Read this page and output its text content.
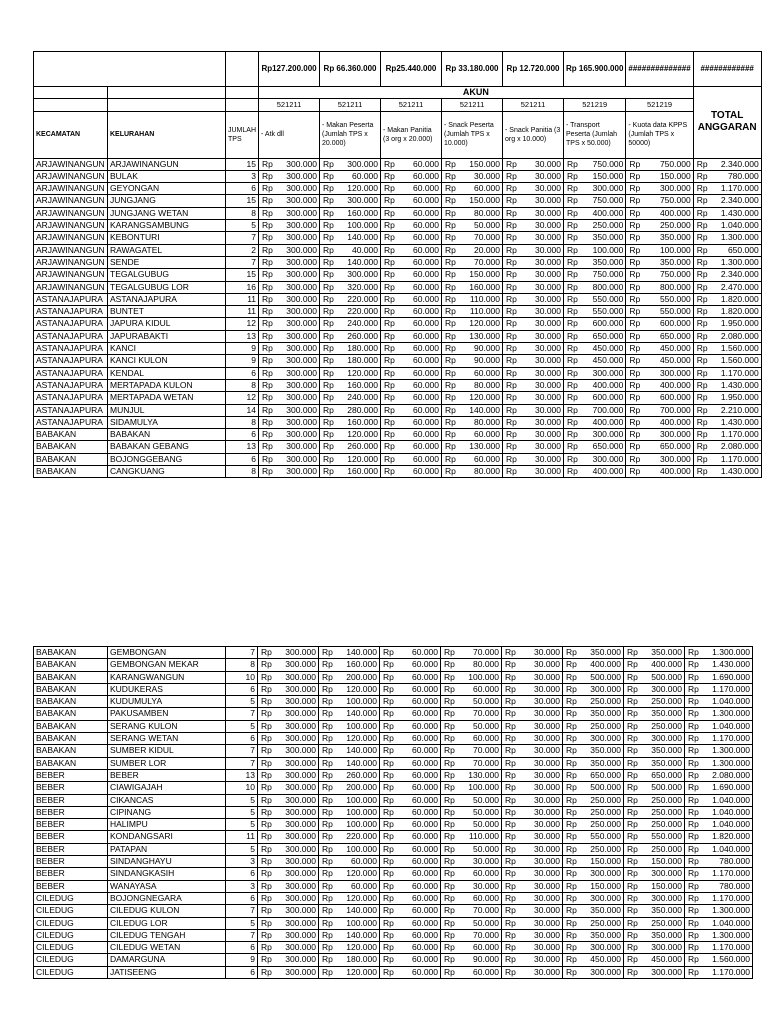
			Rp127.200.000	Rp 66.360.000	Rp25.440.000	Rp 33.180.000	Rp 12.720.000	Rp 165.900.000	##############	############
			AKUN							TOTAL ANGGARAN
			521211	521211	521211	521211	521211	521219	521219	
KECAMATAN	KELURAHAN	JUMLAH TPS	- Atk dll	- Makan Peserta (Jumlah TPS x 20.000)	- Makan Panitia (3 org x 20.000)	- Snack Peserta (Jumlah TPS x 10.000)	- Snack Panitia (3 org x 10.000)	- Transport Peserta (Jumlah TPS x 50.000)	- Kuota data KPPS (Jumlah TPS x 50000)	
ARJAWINANGUN	ARJAWINANGUN	15	Rp 300.000	Rp 300.000	Rp 60.000	Rp 150.000	Rp 30.000	Rp 750.000	Rp 750.000	Rp 2.340.000

ARJAWINANGUN	BULAK	3	Rp 300.000	Rp 60.000	Rp 60.000	Rp 30.000	Rp 30.000	Rp 150.000	Rp 150.000	Rp 780.000

ARJAWINANGUN	GEYONGAN	6	Rp 300.000	Rp 120.000	Rp 60.000	Rp 60.000	Rp 30.000	Rp 300.000	Rp 300.000	Rp 1.170.000

ARJAWINANGUN	JUNGJANG	15	Rp 300.000	Rp 300.000	Rp 60.000	Rp 150.000	Rp 30.000	Rp 750.000	Rp 750.000	Rp 2.340.000

ARJAWINANGUN	JUNGJANG WETAN	8	Rp 300.000	Rp 160.000	Rp 60.000	Rp 80.000	Rp 30.000	Rp 400.000	Rp 400.000	Rp 1.430.000

ARJAWINANGUN	KARANGSAMBUNG	5	Rp 300.000	Rp 100.000	Rp 60.000	Rp 50.000	Rp 30.000	Rp 250.000	Rp 250.000	Rp 1.040.000

ARJAWINANGUN	KEBONTURI	7	Rp 300.000	Rp 140.000	Rp 60.000	Rp 70.000	Rp 30.000	Rp 350.000	Rp 350.000	Rp 1.300.000

ARJAWINANGUN	RAWAGATEL	2	Rp 300.000	Rp 40.000	Rp 60.000	Rp 20.000	Rp 30.000	Rp 100.000	Rp 100.000	Rp 650.000

ARJAWINANGUN	SENDE	7	Rp 300.000	Rp 140.000	Rp 60.000	Rp 70.000	Rp 30.000	Rp 350.000	Rp 350.000	Rp 1.300.000

ARJAWINANGUN	TEGALGUBUG	15	Rp 300.000	Rp 300.000	Rp 60.000	Rp 150.000	Rp 30.000	Rp 750.000	Rp 750.000	Rp 2.340.000

ARJAWINANGUN	TEGALGUBUG LOR	16	Rp 300.000	Rp 320.000	Rp 60.000	Rp 160.000	Rp 30.000	Rp 800.000	Rp 800.000	Rp 2.470.000

ASTANAJAPURA	ASTANAJAPURA	11	Rp 300.000	Rp 220.000	Rp 60.000	Rp 110.000	Rp 30.000	Rp 550.000	Rp 550.000	Rp 1.820.000

ASTANAJAPURA	BUNTET	11	Rp 300.000	Rp 220.000	Rp 60.000	Rp 110.000	Rp 30.000	Rp 550.000	Rp 550.000	Rp 1.820.000

ASTANAJAPURA	JAPURA KIDUL	12	Rp 300.000	Rp 240.000	Rp 60.000	Rp 120.000	Rp 30.000	Rp 600.000	Rp 600.000	Rp 1.950.000

ASTANAJAPURA	JAPURABAKTI	13	Rp 300.000	Rp 260.000	Rp 60.000	Rp 130.000	Rp 30.000	Rp 650.000	Rp 650.000	Rp 2.080.000

ASTANAJAPURA	KANCI	9	Rp 300.000	Rp 180.000	Rp 60.000	Rp 90.000	Rp 30.000	Rp 450.000	Rp 450.000	Rp 1.560.000

ASTANAJAPURA	KANCI KULON	9	Rp 300.000	Rp 180.000	Rp 60.000	Rp 90.000	Rp 30.000	Rp 450.000	Rp 450.000	Rp 1.560.000

ASTANAJAPURA	KENDAL	6	Rp 300.000	Rp 120.000	Rp 60.000	Rp 60.000	Rp 30.000	Rp 300.000	Rp 300.000	Rp 1.170.000

ASTANAJAPURA	MERTAPADA KULON	8	Rp 300.000	Rp 160.000	Rp 60.000	Rp 80.000	Rp 30.000	Rp 400.000	Rp 400.000	Rp 1.430.000

ASTANAJAPURA	MERTAPADA WETAN	12	Rp 300.000	Rp 240.000	Rp 60.000	Rp 120.000	Rp 30.000	Rp 600.000	Rp 600.000	Rp 1.950.000

ASTANAJAPURA	MUNJUL	14	Rp 300.000	Rp 280.000	Rp 60.000	Rp 140.000	Rp 30.000	Rp 700.000	Rp 700.000	Rp 2.210.000

ASTANAJAPURA	SIDAMULYA	8	Rp 300.000	Rp 160.000	Rp 60.000	Rp 80.000	Rp 30.000	Rp 400.000	Rp 400.000	Rp 1.430.000

BABAKAN	BABAKAN	6	Rp 300.000	Rp 120.000	Rp 60.000	Rp 60.000	Rp 30.000	Rp 300.000	Rp 300.000	Rp 1.170.000

BABAKAN	BABAKAN GEBANG	13	Rp 300.000	Rp 260.000	Rp 60.000	Rp 130.000	Rp 30.000	Rp 650.000	Rp 650.000	Rp 2.080.000

BABAKAN	BOJONGGEBANG	6	Rp 300.000	Rp 120.000	Rp 60.000	Rp 60.000	Rp 30.000	Rp 300.000	Rp 300.000	Rp 1.170.000

BABAKAN	CANGKUANG	8	Rp 300.000	Rp 160.000	Rp 60.000	Rp 80.000	Rp 30.000	Rp 400.000	Rp 400.000	Rp 1.430.000
BABAKAN	GEMBONGAN	7	Rp 300.000	Rp 140.000	Rp 60.000	Rp 70.000	Rp 30.000	Rp 350.000	Rp 350.000	Rp 1.300.000

BABAKAN	GEMBONGAN MEKAR	8	Rp 300.000	Rp 160.000	Rp 60.000	Rp 80.000	Rp 30.000	Rp 400.000	Rp 400.000	Rp 1.430.000

BABAKAN	KARANGWANGUN	10	Rp 300.000	Rp 200.000	Rp 60.000	Rp 100.000	Rp 30.000	Rp 500.000	Rp 500.000	Rp 1.690.000

BABAKAN	KUDUKERAS	6	Rp 300.000	Rp 120.000	Rp 60.000	Rp 60.000	Rp 30.000	Rp 300.000	Rp 300.000	Rp 1.170.000

BABAKAN	KUDUMULYA	5	Rp 300.000	Rp 100.000	Rp 60.000	Rp 50.000	Rp 30.000	Rp 250.000	Rp 250.000	Rp 1.040.000

BABAKAN	PAKUSAMBEN	7	Rp 300.000	Rp 140.000	Rp 60.000	Rp 70.000	Rp 30.000	Rp 350.000	Rp 350.000	Rp 1.300.000

BABAKAN	SERANG KULON	5	Rp 300.000	Rp 100.000	Rp 60.000	Rp 50.000	Rp 30.000	Rp 250.000	Rp 250.000	Rp 1.040.000

BABAKAN	SERANG WETAN	6	Rp 300.000	Rp 120.000	Rp 60.000	Rp 60.000	Rp 30.000	Rp 300.000	Rp 300.000	Rp 1.170.000

BABAKAN	SUMBER KIDUL	7	Rp 300.000	Rp 140.000	Rp 60.000	Rp 70.000	Rp 30.000	Rp 350.000	Rp 350.000	Rp 1.300.000

BABAKAN	SUMBER LOR	7	Rp 300.000	Rp 140.000	Rp 60.000	Rp 70.000	Rp 30.000	Rp 350.000	Rp 350.000	Rp 1.300.000

BEBER	BEBER	13	Rp 300.000	Rp 260.000	Rp 60.000	Rp 130.000	Rp 30.000	Rp 650.000	Rp 650.000	Rp 2.080.000

BEBER	CIAWIGAJAH	10	Rp 300.000	Rp 200.000	Rp 60.000	Rp 100.000	Rp 30.000	Rp 500.000	Rp 500.000	Rp 1.690.000

BEBER	CIKANCAS	5	Rp 300.000	Rp 100.000	Rp 60.000	Rp 50.000	Rp 30.000	Rp 250.000	Rp 250.000	Rp 1.040.000

BEBER	CIPINANG	5	Rp 300.000	Rp 100.000	Rp 60.000	Rp 50.000	Rp 30.000	Rp 250.000	Rp 250.000	Rp 1.040.000

BEBER	HALIMPU	5	Rp 300.000	Rp 100.000	Rp 60.000	Rp 50.000	Rp 30.000	Rp 250.000	Rp 250.000	Rp 1.040.000

BEBER	KONDANGSARI	11	Rp 300.000	Rp 220.000	Rp 60.000	Rp 110.000	Rp 30.000	Rp 550.000	Rp 550.000	Rp 1.820.000

BEBER	PATAPAN	5	Rp 300.000	Rp 100.000	Rp 60.000	Rp 50.000	Rp 30.000	Rp 250.000	Rp 250.000	Rp 1.040.000

BEBER	SINDANGHAYU	3	Rp 300.000	Rp 60.000	Rp 60.000	Rp 30.000	Rp 30.000	Rp 150.000	Rp 150.000	Rp 780.000

BEBER	SINDANGKASIH	6	Rp 300.000	Rp 120.000	Rp 60.000	Rp 60.000	Rp 30.000	Rp 300.000	Rp 300.000	Rp 1.170.000

BEBER	WANAYASA	3	Rp 300.000	Rp 60.000	Rp 60.000	Rp 30.000	Rp 30.000	Rp 150.000	Rp 150.000	Rp 780.000

CILEDUG	BOJONGNEGARA	6	Rp 300.000	Rp 120.000	Rp 60.000	Rp 60.000	Rp 30.000	Rp 300.000	Rp 300.000	Rp 1.170.000

CILEDUG	CILEDUG KULON	7	Rp 300.000	Rp 140.000	Rp 60.000	Rp 70.000	Rp 30.000	Rp 350.000	Rp 350.000	Rp 1.300.000

CILEDUG	CILEDUG LOR	5	Rp 300.000	Rp 100.000	Rp 60.000	Rp 50.000	Rp 30.000	Rp 250.000	Rp 250.000	Rp 1.040.000

CILEDUG	CILEDUG TENGAH	7	Rp 300.000	Rp 140.000	Rp 60.000	Rp 70.000	Rp 30.000	Rp 350.000	Rp 350.000	Rp 1.300.000

CILEDUG	CILEDUG WETAN	6	Rp 300.000	Rp 120.000	Rp 60.000	Rp 60.000	Rp 30.000	Rp 300.000	Rp 300.000	Rp 1.170.000

CILEDUG	DAMARGUNA	9	Rp 300.000	Rp 180.000	Rp 60.000	Rp 90.000	Rp 30.000	Rp 450.000	Rp 450.000	Rp 1.560.000

CILEDUG	JATISEENG	6	Rp 300.000	Rp 120.000	Rp 60.000	Rp 60.000	Rp 30.000	Rp 300.000	Rp 300.000	Rp 1.170.000
